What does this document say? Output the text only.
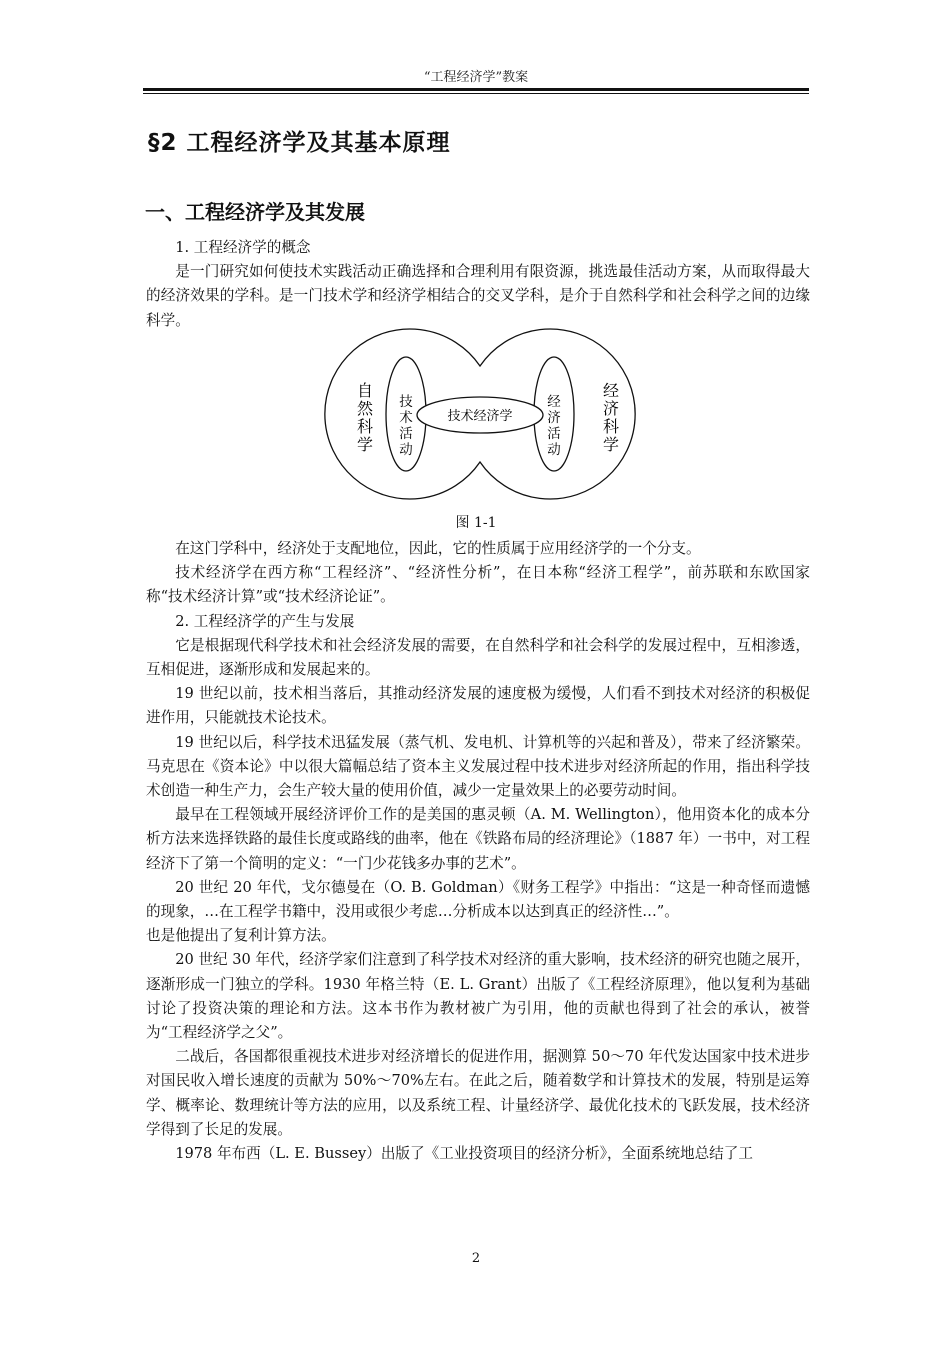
“工程经济学”教案
§2 工程经济学及其基本原理
一、工程经济学及其发展

1. 工程经济学的概念

是一门研究如何使技术实践活动正确选择和合理利用有限资源，挑选最佳活动方案，从而取得最大的经济效果的学科。是一门技术学和经济学相结合的交叉学科，是介于自然科学和社会科学之间的边缘科学。

自然科学
技术活动
技术经济学
经济活动
经济科学
图 1-1

在这门学科中，经济处于支配地位，因此，它的性质属于应用经济学的一个分支。

技术经济学在西方称“工程经济”、“经济性分析”，在日本称“经济工程学”，前苏联和东欧国家称“技术经济计算”或“技术经济论证”。

2. 工程经济学的产生与发展

它是根据现代科学技术和社会经济发展的需要，在自然科学和社会科学的发展过程中，互相渗透，互相促进，逐渐形成和发展起来的。

19 世纪以前，技术相当落后，其推动经济发展的速度极为缓慢，人们看不到技术对经济的积极促进作用，只能就技术论技术。

19 世纪以后，科学技术迅猛发展（蒸气机、发电机、计算机等的兴起和普及），带来了经济繁荣。马克思在《资本论》中以很大篇幅总结了资本主义发展过程中技术进步对经济所起的作用，指出科学技术创造一种生产力，会生产较大量的使用价值，减少一定量效果上的必要劳动时间。

最早在工程领域开展经济评价工作的是美国的惠灵顿（A. M. Wellington），他用资本化的成本分析方法来选择铁路的最佳长度或路线的曲率，他在《铁路布局的经济理论》（1887 年）一书中，对工程经济下了第一个简明的定义：“一门少花钱多办事的艺术”。

20 世纪 20 年代，戈尔德曼在（O. B. Goldman）《财务工程学》中指出：“这是一种奇怪而遗憾的现象，…在工程学书籍中，没用或很少考虑…分析成本以达到真正的经济性…”。

也是他提出了复利计算方法。

20 世纪 30 年代，经济学家们注意到了科学技术对经济的重大影响，技术经济的研究也随之展开，逐渐形成一门独立的学科。1930 年格兰特（E. L. Grant）出版了《工程经济原理》，他以复利为基础讨论了投资决策的理论和方法。这本书作为教材被广为引用，他的贡献也得到了社会的承认，被誉为“工程经济学之父”。

二战后，各国都很重视技术进步对经济增长的促进作用，据测算 50～70 年代发达国家中技术进步对国民收入增长速度的贡献为 50%～70%左右。在此之后，随着数学和计算技术的发展，特别是运筹学、概率论、数理统计等方法的应用，以及系统工程、计量经济学、最优化技术的飞跃发展，技术经济学得到了长足的发展。

1978 年布西（L. E. Bussey）出版了《工业投资项目的经济分析》，全面系统地总结了工

2
